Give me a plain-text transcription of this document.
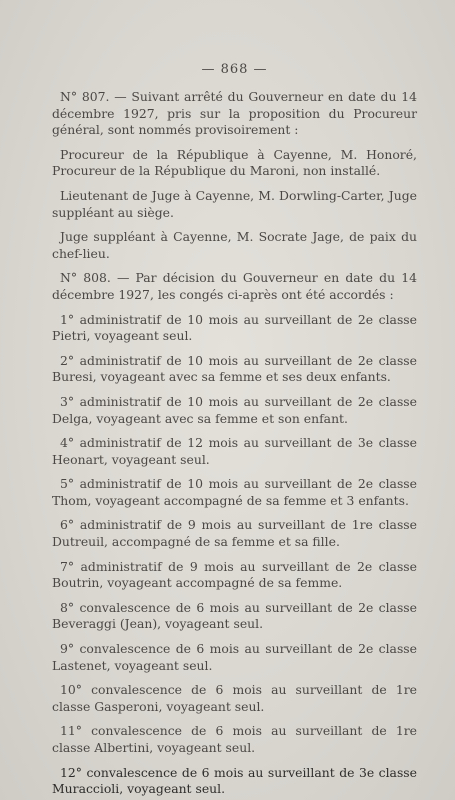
— 868 —

N° 807. — Suivant arrêté du Gouverneur en date du 14 décembre 1927, pris sur la proposition du Procureur général, sont nommés provisoirement :

Procureur de la République à Cayenne, M. Honoré, Procureur de la République du Maroni, non installé.

Lieutenant de Juge à Cayenne, M. Dorwling-Carter, Juge suppléant au siège.

Juge suppléant à Cayenne, M. Socrate Jage, de paix du chef-lieu.

N° 808. — Par décision du Gouverneur en date du 14 décembre 1927, les congés ci-après ont été accordés :

1° administratif de 10 mois au surveillant de 2e classe Pietri, voyageant seul.

2° administratif de 10 mois au surveillant de 2e classe Buresi, voyageant avec sa femme et ses deux enfants.

3° administratif de 10 mois au surveillant de 2e classe Delga, voyageant avec sa femme et son enfant.

4° administratif de 12 mois au surveillant de 3e classe Heonart, voyageant seul.

5° administratif de 10 mois au surveillant de 2e classe Thom, voyageant accompagné de sa femme et 3 enfants.

6° administratif de 9 mois au surveillant de 1re classe Dutreuil, accompagné de sa femme et sa fille.

7° administratif de 9 mois au surveillant de 2e classe Boutrin, voyageant accompagné de sa femme.

8° convalescence de 6 mois au surveillant de 2e classe Beveraggi (Jean), voyageant seul.

9° convalescence de 6 mois au surveillant de 2e classe Lastenet, voyageant seul.

10° convalescence de 6 mois au surveillant de 1re classe Gasperoni, voyageant seul.

11° convalescence de 6 mois au surveillant de 1re classe Albertini, voyageant seul.

12° convalescence de 6 mois au surveillant de 3e classe Muraccioli, voyageant seul.
